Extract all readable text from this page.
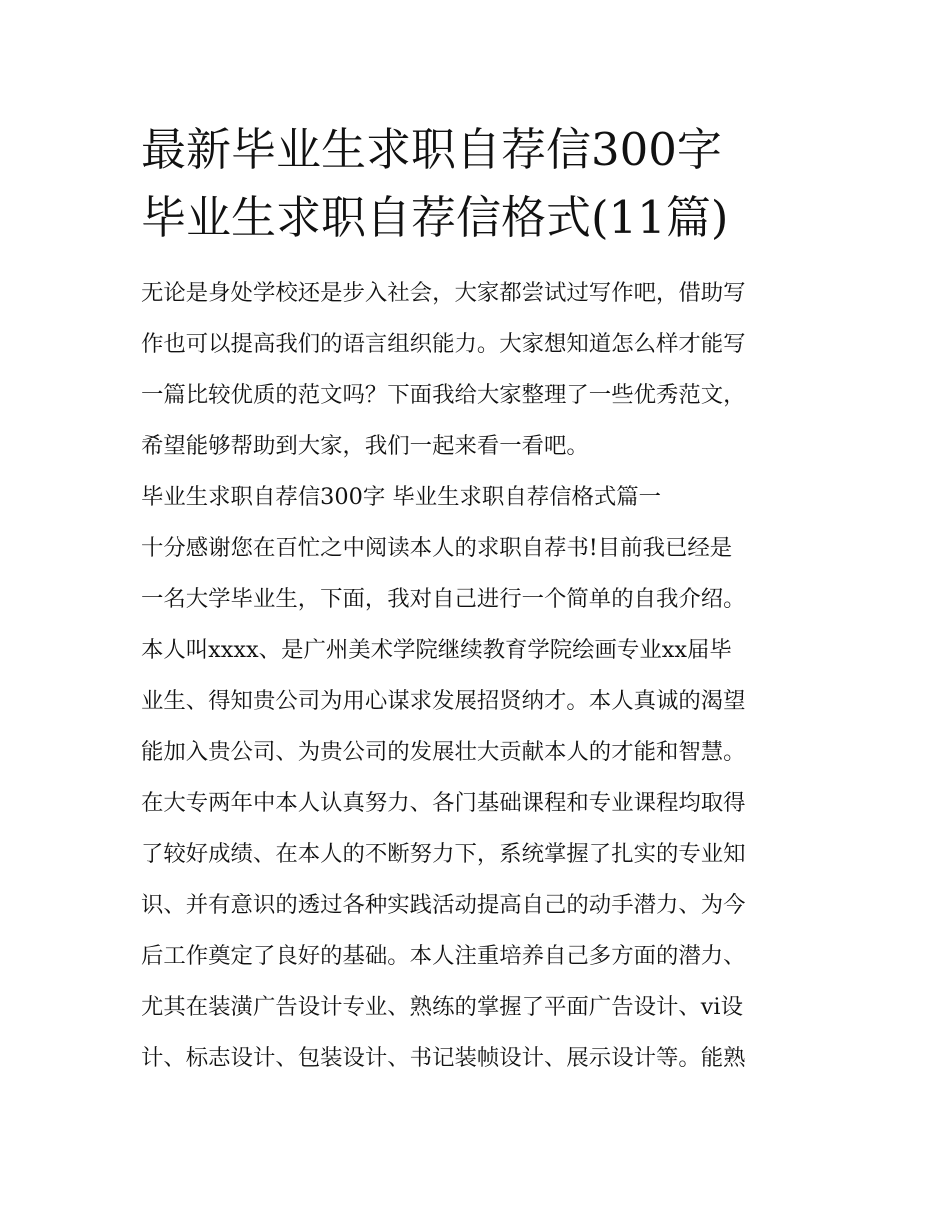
最新毕业生求职自荐信300字
毕业生求职自荐信格式(11篇)
无论是身处学校还是步入社会，大家都尝试过写作吧，借助写
作也可以提高我们的语言组织能力。大家想知道怎么样才能写
一篇比较优质的范文吗？下面我给大家整理了一些优秀范文，
希望能够帮助到大家，我们一起来看一看吧。
毕业生求职自荐信300字 毕业生求职自荐信格式篇一
十分感谢您在百忙之中阅读本人的求职自荐书!目前我已经是
一名大学毕业生，下面，我对自己进行一个简单的自我介绍。
本人叫xxxx、是广州美术学院继续教育学院绘画专业xx届毕
业生、得知贵公司为用心谋求发展招贤纳才。本人真诚的渴望
能加入贵公司、为贵公司的发展壮大贡献本人的才能和智慧。
在大专两年中本人认真努力、各门基础课程和专业课程均取得
了较好成绩、在本人的不断努力下，系统掌握了扎实的专业知
识、并有意识的透过各种实践活动提高自己的动手潜力、为今
后工作奠定了良好的基础。本人注重培养自己多方面的潜力、
尤其在装潢广告设计专业、熟练的掌握了平面广告设计、vi设
计、标志设计、包装设计、书记装帧设计、展示设计等。能熟
